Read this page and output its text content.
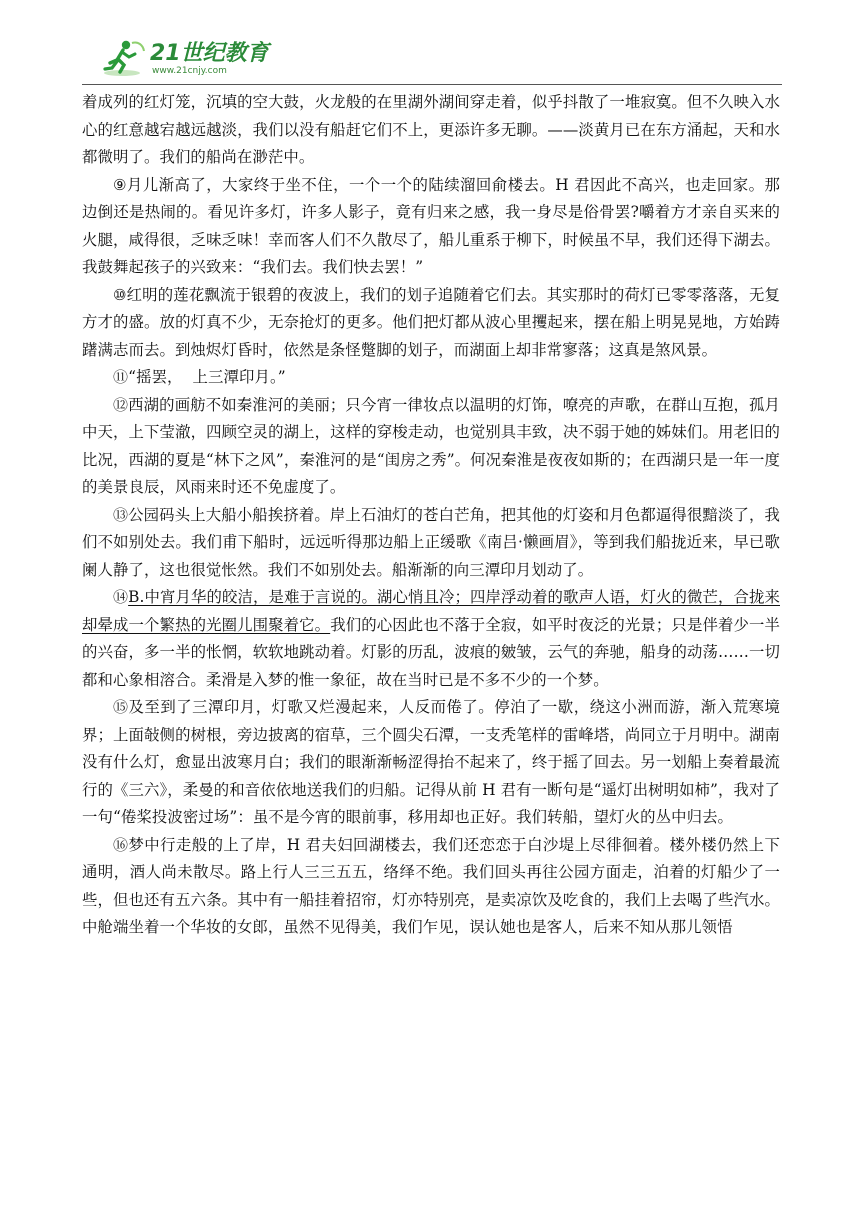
21世纪教育
www.21cnjy.com

着成列的红灯笼，沉填的空大鼓，火龙般的在里湖外湖间穿走着，似乎抖散了一堆寂寞。但不久映入水心的红意越宕越远越淡，我们以没有船赶它们不上，更添许多无聊。——淡黄月已在东方涌起，天和水都微明了。我们的船尚在渺茫中。

⑨月儿渐高了，大家终于坐不住，一个一个的陆续溜回俞楼去。H 君因此不高兴，也走回家。那边倒还是热闹的。看见许多灯，许多人影子，竟有归来之感，我一身尽是俗骨罢?嚼着方才亲自买来的火腿，咸得很，乏味乏味！幸而客人们不久散尽了，船儿重系于柳下，时候虽不早，我们还得下湖去。我鼓舞起孩子的兴致来：“我们去。我们快去罢！”

⑩红明的莲花飘流于银碧的夜波上，我们的划子追随着它们去。其实那时的荷灯已零零落落，无复方才的盛。放的灯真不少，无奈抢灯的更多。他们把灯都从波心里攫起来，摆在船上明晃晃地，方始踌躇满志而去。到烛烬灯昏时，依然是条怪蹩脚的划子，而湖面上却非常寥落；这真是煞风景。

⑪“摇罢，  上三潭印月。”

⑫西湖的画舫不如秦淮河的美丽；只今宵一律妆点以温明的灯饰，嘹亮的声歌，在群山互抱，孤月中天，上下莹澈，四顾空灵的湖上，这样的穿梭走动，也觉别具丰致，决不弱于她的姊妹们。用老旧的比况，西湖的夏是“林下之风”，秦淮河的是“闺房之秀”。何况秦淮是夜夜如斯的；在西湖只是一年一度的美景良辰，风雨来时还不免虚度了。

⑬公园码头上大船小船挨挤着。岸上石油灯的苍白芒角，把其他的灯姿和月色都逼得很黯淡了，我们不如别处去。我们甫下船时，远远听得那边船上正缓歌《南吕·懒画眉》，等到我们船拢近来，早已歌阑人静了，这也很觉怅然。我们不如别处去。船渐渐的向三潭印月划动了。

⑭B.中宵月华的皎洁，是难于言说的。湖心悄且冷；四岸浮动着的歌声人语，灯火的微芒，合拢来却晕成一个繁热的光圈儿围聚着它。我们的心因此也不落于全寂，如平时夜泛的光景；只是伴着少一半的兴奋，多一半的怅惘，软软地跳动着。灯影的历乱，波痕的皴皱，云气的奔驰，船身的动荡……一切都和心象相溶合。柔滑是入梦的惟一象征，故在当时已是不多不少的一个梦。

⑮及至到了三潭印月，灯歌又烂漫起来，人反而倦了。停泊了一歇，绕这小洲而游，渐入荒寒境界；上面敧侧的树根，旁边披离的宿草，三个圆尖石潭，一支秃笔样的雷峰塔，尚同立于月明中。湖南没有什么灯，愈显出波寒月白；我们的眼渐渐畅涩得抬不起来了，终于摇了回去。另一划船上奏着最流行的《三六》，柔曼的和音依依地送我们的归船。记得从前 H 君有一断句是“遥灯出树明如柿”，我对了一句“倦桨投波密过场”：虽不是今宵的眼前事，移用却也正好。我们转船，望灯火的丛中归去。

⑯梦中行走般的上了岸，H 君夫妇回湖楼去，我们还恋恋于白沙堤上尽徘徊着。楼外楼仍然上下通明，酒人尚未散尽。路上行人三三五五，络绎不绝。我们回头再往公园方面走，泊着的灯船少了一些，但也还有五六条。其中有一船挂着招帘，灯亦特别亮，是卖凉饮及吃食的，我们上去喝了些汽水。中舱端坐着一个华妆的女郎，虽然不见得美，我们乍见，误认她也是客人，后来不知从那儿领悟
